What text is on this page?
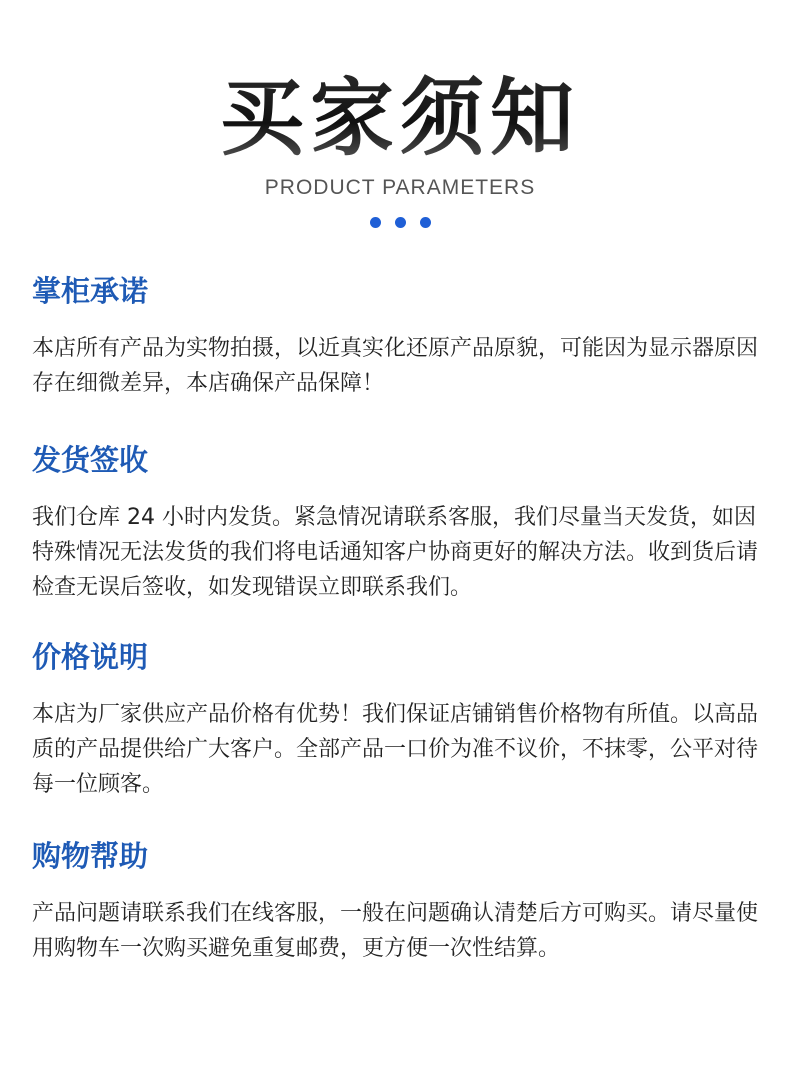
买家须知
PRODUCT PARAMETERS
掌柜承诺
本店所有产品为实物拍摄，以近真实化还原产品原貌，可能因为显示器原因存在细微差异，本店确保产品保障！
发货签收
我们仓库 24 小时内发货。紧急情况请联系客服，我们尽量当天发货，如因特殊情况无法发货的我们将电话通知客户协商更好的解决方法。收到货后请检查无误后签收，如发现错误立即联系我们。
价格说明
本店为厂家供应产品价格有优势！我们保证店铺销售价格物有所值。以高品质的产品提供给广大客户。全部产品一口价为准不议价，不抹零，公平对待每一位顾客。
购物帮助
产品问题请联系我们在线客服，一般在问题确认清楚后方可购买。请尽量使用购物车一次购买避免重复邮费，更方便一次性结算。
